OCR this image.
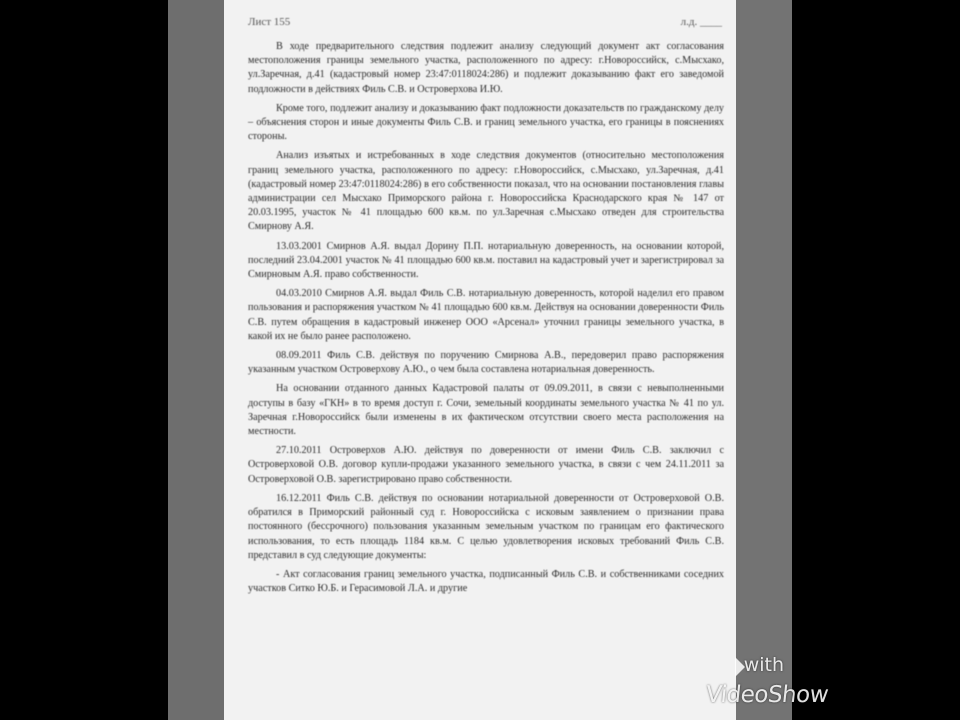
Лист 155	л.д. ____

В ходе предварительного следствия подлежит анализу следующий документ акт согласования местоположения границы земельного участка, расположенного по адресу: г.Новороссийск, с.Мысхако, ул.Заречная, д.41 (кадастровый номер 23:47:0118024:286) и подлежит доказыванию факт его заведомой подложности в действиях Филь С.В. и Островерхова И.Ю.

Кроме того, подлежит анализу и доказыванию факт подложности доказательств по гражданскому делу – объяснения сторон и иные документы Филь С.В. и границ земельного участка, его границы в пояснениях стороны.

Анализ изъятых и истребованных в ходе следствия документов (относительно местоположения границ земельного участка, расположенного по адресу: г.Новороссийск, с.Мысхако, ул.Заречная, д.41 (кадастровый номер 23:47:0118024:286) в его собственности показал, что на основании постановления главы администрации сел Мысхако Приморского района г. Новороссийска Краснодарского края № 147 от 20.03.1995, участок № 41 площадью 600 кв.м. по ул.Заречная с.Мысхако отведен для строительства Смирнову А.Я.

13.03.2001 Смирнов А.Я. выдал Дорину П.П. нотариальную доверенность, на основании которой, последний 23.04.2001 участок № 41 площадью 600 кв.м. поставил на кадастровый учет и зарегистрировал за Смирновым А.Я. право собственности.

04.03.2010 Смирнов А.Я. выдал Филь С.В. нотариальную доверенность, которой наделил его правом пользования и распоряжения участком № 41 площадью 600 кв.м. Действуя на основании доверенности Филь С.В. путем обращения в кадастровый инженер ООО «Арсенал» уточнил границы земельного участка, в какой их не было ранее расположено.

08.09.2011 Филь С.В. действуя по поручению Смирнова А.В., передоверил право распоряжения указанным участком Островерхову А.Ю., о чем была составлена нотариальная доверенность.

На основании отданного данных Кадастровой палаты от 09.09.2011, в связи с невыполненными доступы в базу «ГКН» в то время доступ г. Сочи, земельный координаты земельного участка № 41 по ул. Заречная г.Новороссийск были изменены в их фактическом отсутствии своего места расположения на местности.

27.10.2011 Островерхов А.Ю. действуя по доверенности от имени Филь С.В. заключил с Островерховой О.В. договор купли-продажи указанного земельного участка, в связи с чем 24.11.2011 за Островерховой О.В. зарегистрировано право собственности.

16.12.2011 Филь С.В. действуя по основании нотариальной доверенности от Островерховой О.В. обратился в Приморский районный суд г. Новороссийска с исковым заявлением о признании права постоянного (бессрочного) пользования указанным земельным участком по границам его фактического использования, то есть площадь 1184 кв.м. С целью удовлетворения исковых требований Филь С.В. представил в суд следующие документы:

- Акт согласования границ земельного участка, подписанный Филь С.В. и собственниками соседних участков Ситко Ю.Б. и Герасимовой Л.А. и другие

with
VideoShow
